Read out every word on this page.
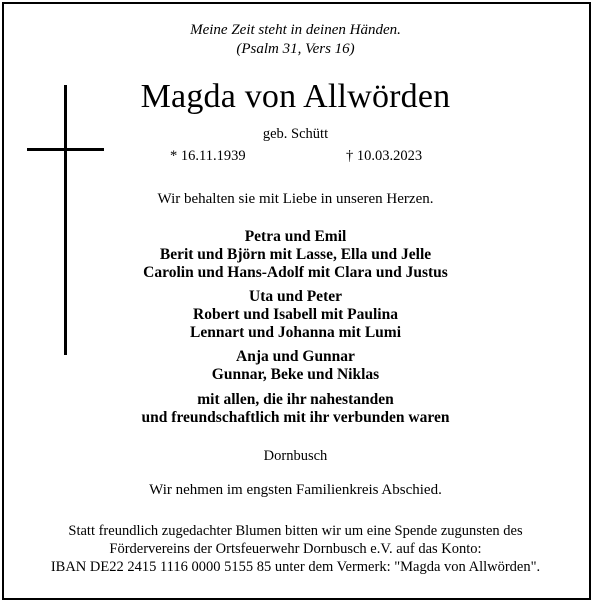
Meine Zeit steht in deinen Händen.
(Psalm 31, Vers 16)
Magda von Allwörden
geb. Schütt
* 16.11.1939	† 10.03.2023
Wir behalten sie mit Liebe in unseren Herzen.
Petra und Emil
Berit und Björn mit Lasse, Ella und Jelle
Carolin und Hans-Adolf mit Clara und Justus
Uta und Peter
Robert und Isabell mit Paulina
Lennart und Johanna mit Lumi
Anja und Gunnar
Gunnar, Beke und Niklas
mit allen, die ihr nahestanden
und freundschaftlich mit ihr verbunden waren
Dornbusch
Wir nehmen im engsten Familienkreis Abschied.
Statt freundlich zugedachter Blumen bitten wir um eine Spende zugunsten des
Fördervereins der Ortsfeuerwehr Dornbusch e.V. auf das Konto:
IBAN DE22 2415 1116 0000 5155 85 unter dem Vermerk: "Magda von Allwörden".
